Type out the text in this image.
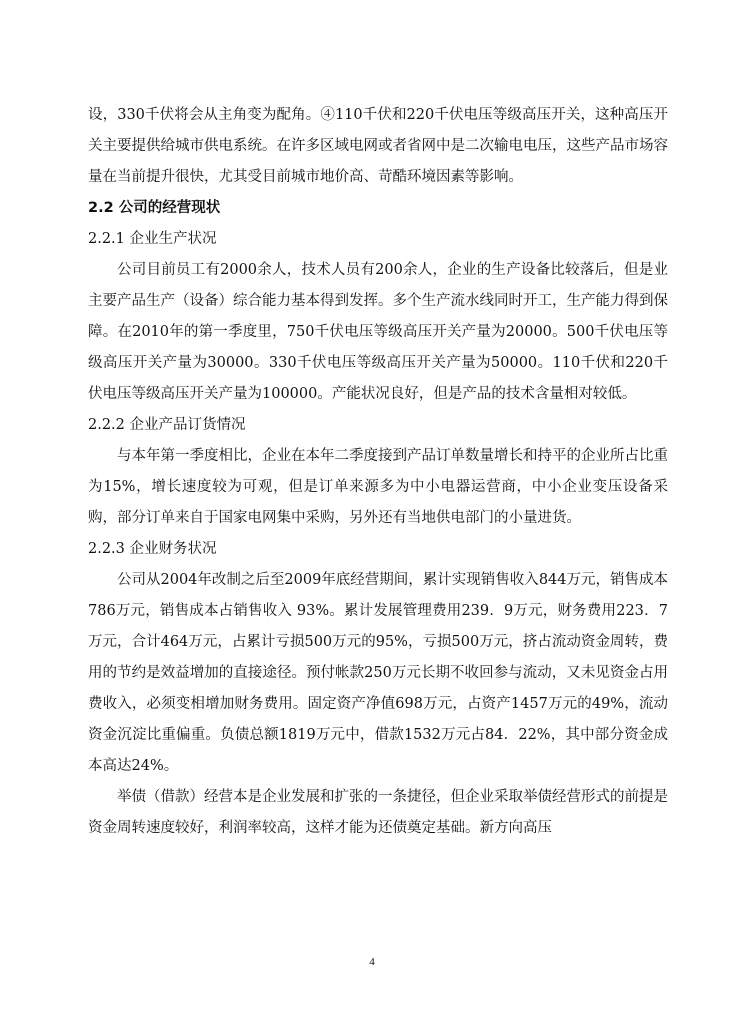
设，330千伏将会从主角变为配角。④110千伏和220千伏电压等级高压开关，这种高压开关主要提供给城市供电系统。在许多区域电网或者省网中是二次输电电压，这些产品市场容量在当前提升很快，尤其受目前城市地价高、苛酷环境因素等影响。

2.2 公司的经营现状

2.2.1 企业生产状况

公司目前员工有2000余人，技术人员有200余人，企业的生产设备比较落后，但是业主要产品生产（设备）综合能力基本得到发挥。多个生产流水线同时开工，生产能力得到保障。在2010年的第一季度里，750千伏电压等级高压开关产量为20000。500千伏电压等级高压开关产量为30000。330千伏电压等级高压开关产量为50000。110千伏和220千伏电压等级高压开关产量为100000。产能状况良好，但是产品的技术含量相对较低。

2.2.2 企业产品订货情况

与本年第一季度相比，企业在本年二季度接到产品订单数量增长和持平的企业所占比重为15%，增长速度较为可观，但是订单来源多为中小电器运营商，中小企业变压设备采购，部分订单来自于国家电网集中采购，另外还有当地供电部门的小量进货。

2.2.3 企业财务状况

公司从2004年改制之后至2009年底经营期间，累计实现销售收入844万元，销售成本786万元，销售成本占销售收入 93%。累计发展管理费用239．9万元，财务费用223．7万元，合计464万元，占累计亏损500万元的95%，亏损500万元，挤占流动资金周转，费用的节约是效益增加的直接途径。预付帐款250万元长期不收回参与流动，又未见资金占用费收入，必须变相增加财务费用。固定资产净值698万元，占资产1457万元的49%，流动资金沉淀比重偏重。负债总额1819万元中，借款1532万元占84．22%，其中部分资金成本高达24%。

举债（借款）经营本是企业发展和扩张的一条捷径，但企业采取举债经营形式的前提是资金周转速度较好，利润率较高，这样才能为还债奠定基础。新方向高压

4
